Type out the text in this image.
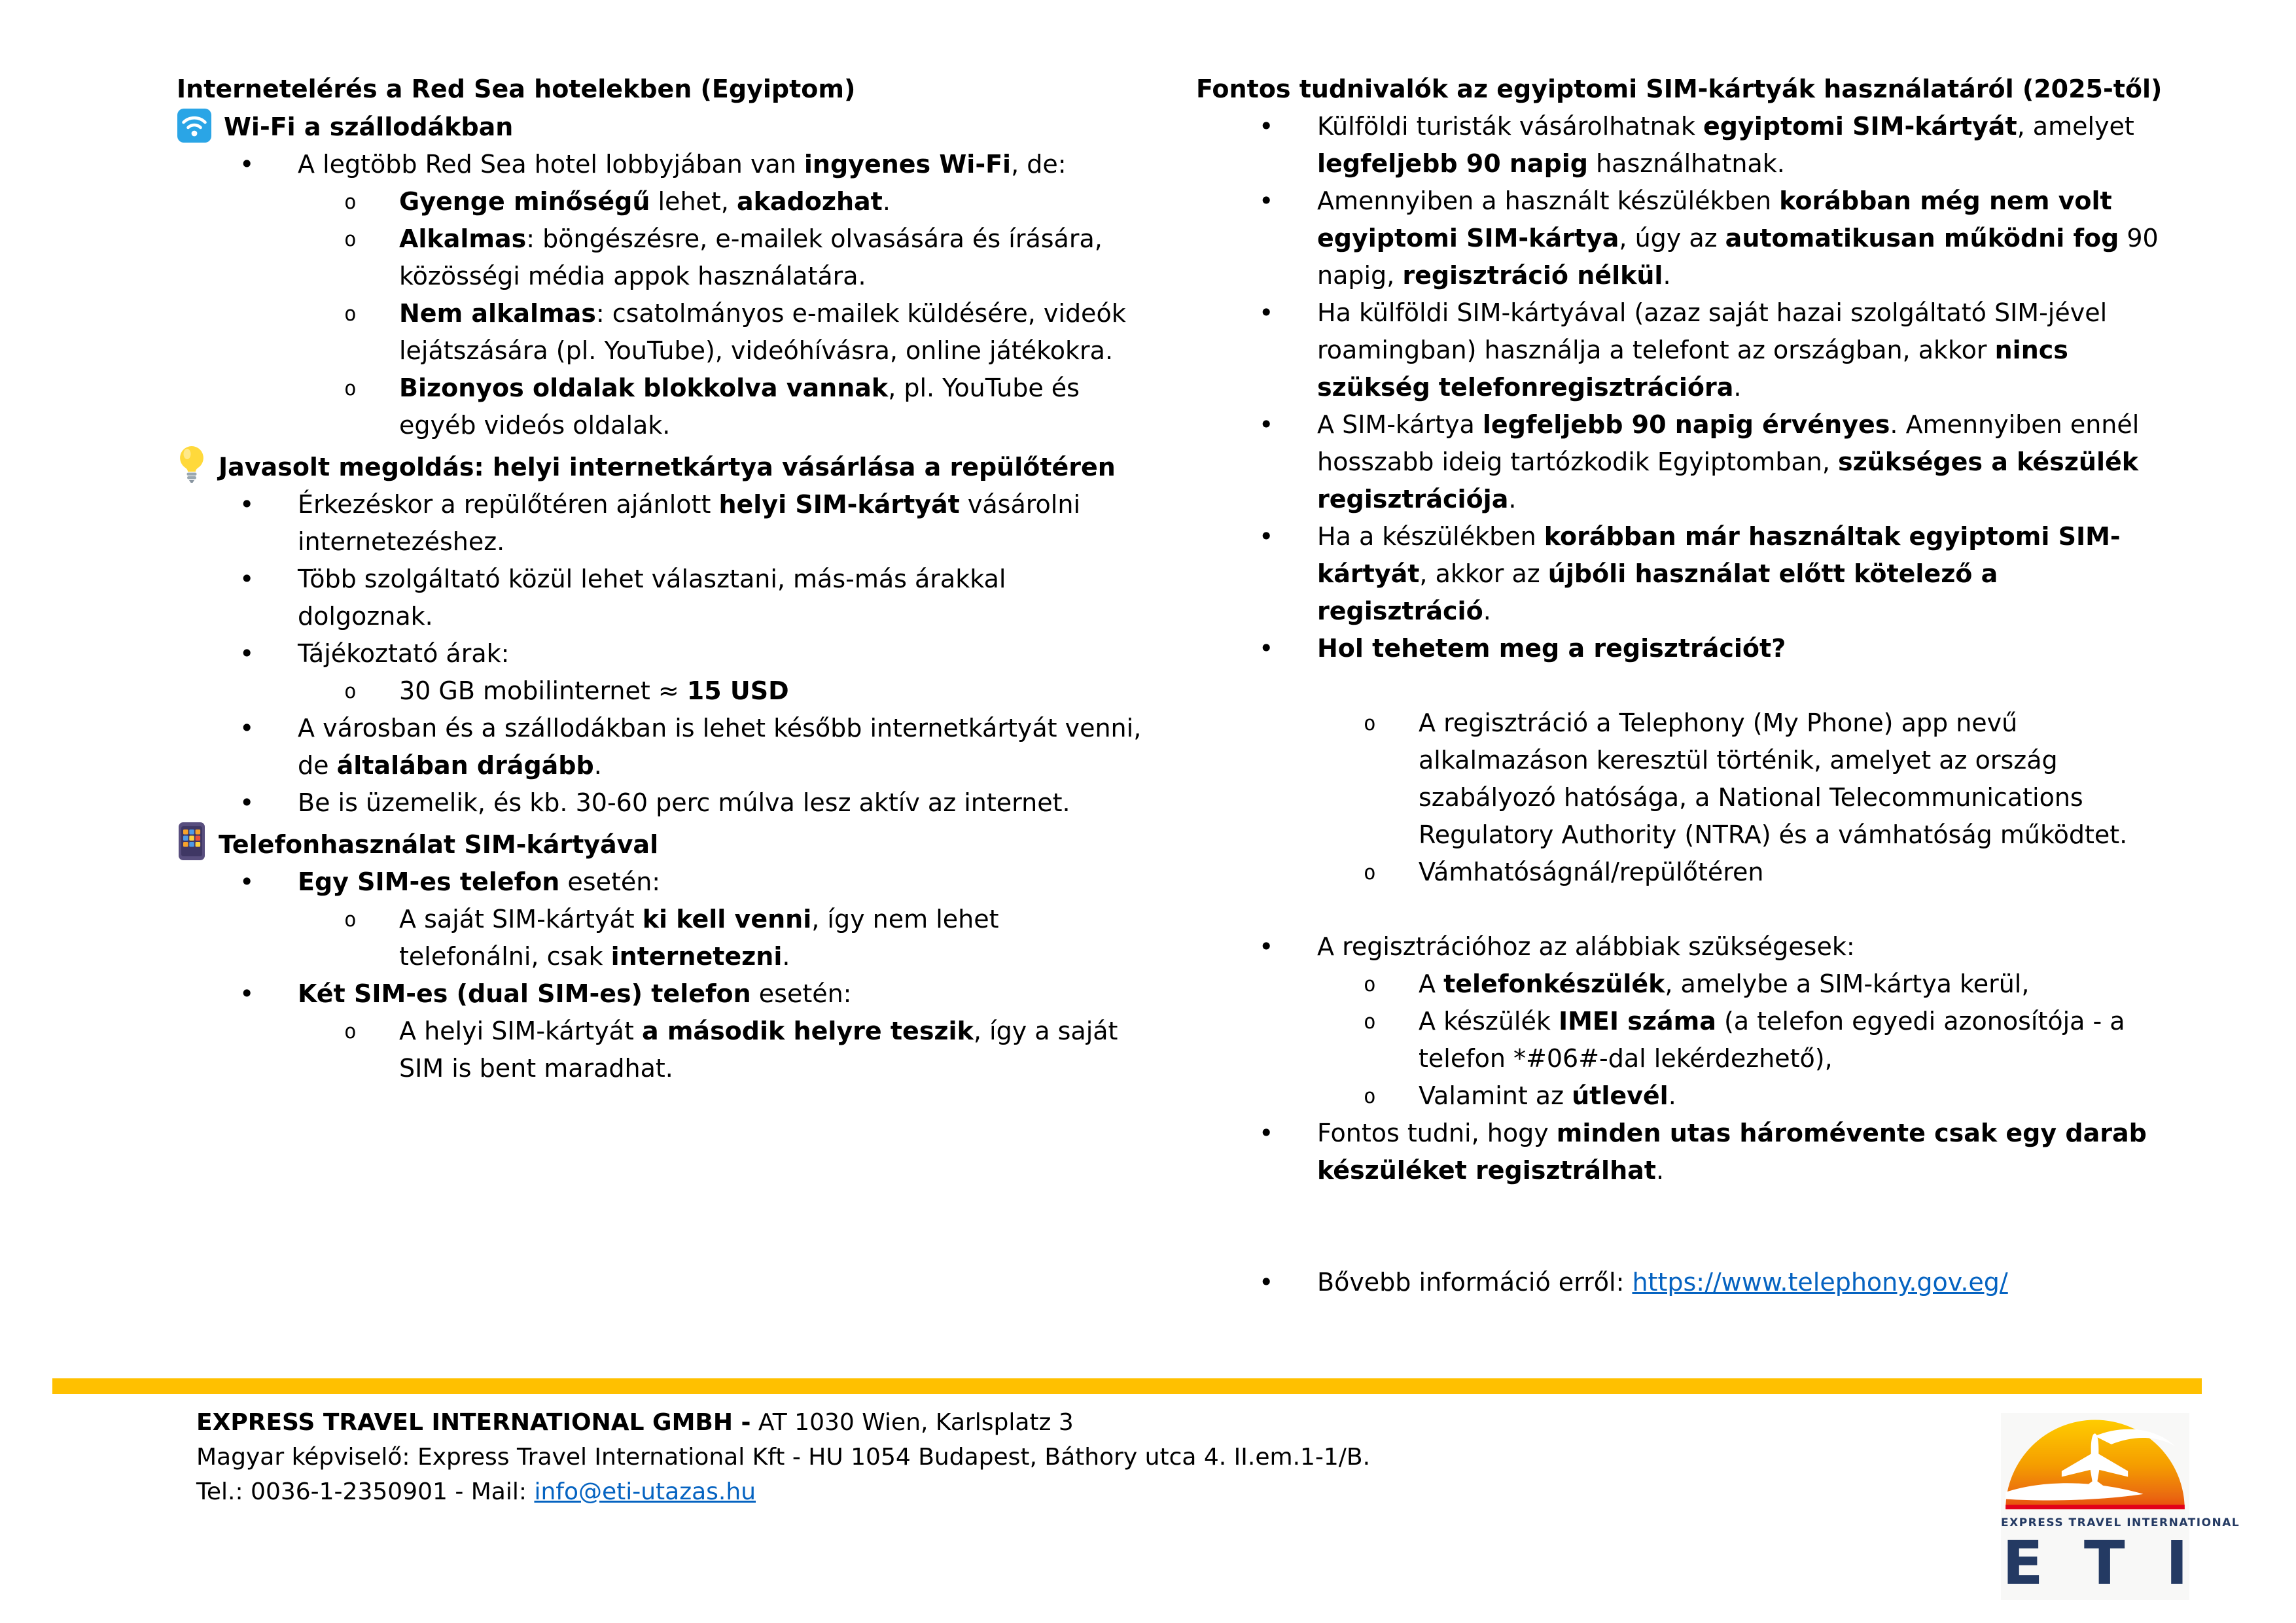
Internetelérés a Red Sea hotelekben (Egyiptom)
Wi-Fi a szállodákban
• A legtöbb Red Sea hotel lobbyjában van ingyenes Wi-Fi, de:
o Gyenge minőségű lehet, akadozhat.
o Alkalmas: böngészésre, e-mailek olvasására és írására, közösségi média appok használatára.
o Nem alkalmas: csatolmányos e-mailek küldésére, videók lejátszására (pl. YouTube), videóhívásra, online játékokra.
o Bizonyos oldalak blokkolva vannak, pl. YouTube és egyéb videós oldalak.
Javasolt megoldás: helyi internetkártya vásárlása a repülőtéren
• Érkezéskor a repülőtéren ajánlott helyi SIM-kártyát vásárolni internetezéshez.
• Több szolgáltató közül lehet választani, más-más árakkal dolgoznak.
• Tájékoztató árak:
o 30 GB mobilinternet ≈ 15 USD
• A városban és a szállodákban is lehet később internetkártyát venni, de általában drágább.
• Be is üzemelik, és kb. 30-60 perc múlva lesz aktív az internet.
Telefonhasználat SIM-kártyával
• Egy SIM-es telefon esetén:
o A saját SIM-kártyát ki kell venni, így nem lehet telefonálni, csak internetezni.
• Két SIM-es (dual SIM-es) telefon esetén:
o A helyi SIM-kártyát a második helyre teszik, így a saját SIM is bent maradhat.
Fontos tudnivalók az egyiptomi SIM-kártyák használatáról (2025-től)
• Külföldi turisták vásárolhatnak egyiptomi SIM-kártyát, amelyet legfeljebb 90 napig használhatnak.
• Amennyiben a használt készülékben korábban még nem volt egyiptomi SIM-kártya, úgy az automatikusan működni fog 90 napig, regisztráció nélkül.
• Ha külföldi SIM-kártyával (azaz saját hazai szolgáltató SIM-jével roamingban) használja a telefont az országban, akkor nincs szükség telefonregisztrációra.
• A SIM-kártya legfeljebb 90 napig érvényes. Amennyiben ennél hosszabb ideig tartózkodik Egyiptomban, szükséges a készülék regisztrációja.
• Ha a készülékben korábban már használtak egyiptomi SIM-kártyát, akkor az újbóli használat előtt kötelező a regisztráció.
• Hol tehetem meg a regisztrációt?
o A regisztráció a Telephony (My Phone) app nevű alkalmazáson keresztül történik, amelyet az ország szabályozó hatósága, a National Telecommunications Regulatory Authority (NTRA) és a vámhatóság működtet.
o Vámhatóságnál/repülőtéren
• A regisztrációhoz az alábbiak szükségesek:
o A telefonkészülék, amelybe a SIM-kártya kerül,
o A készülék IMEI száma (a telefon egyedi azonosítója - a telefon *#06#-dal lekérdezhető),
o Valamint az útlevél.
• Fontos tudni, hogy minden utas háromévente csak egy darab készüléket regisztrálhat.
• Bővebb információ erről: https://www.telephony.gov.eg/
EXPRESS TRAVEL INTERNATIONAL GMBH - AT 1030 Wien, Karlsplatz 3
Magyar képviselő: Express Travel International Kft - HU 1054 Budapest, Báthory utca 4. II.em.1-1/B.
Tel.: 0036-1-2350901 - Mail: info@eti-utazas.hu
EXPRESS TRAVEL INTERNATIONAL
E T I
